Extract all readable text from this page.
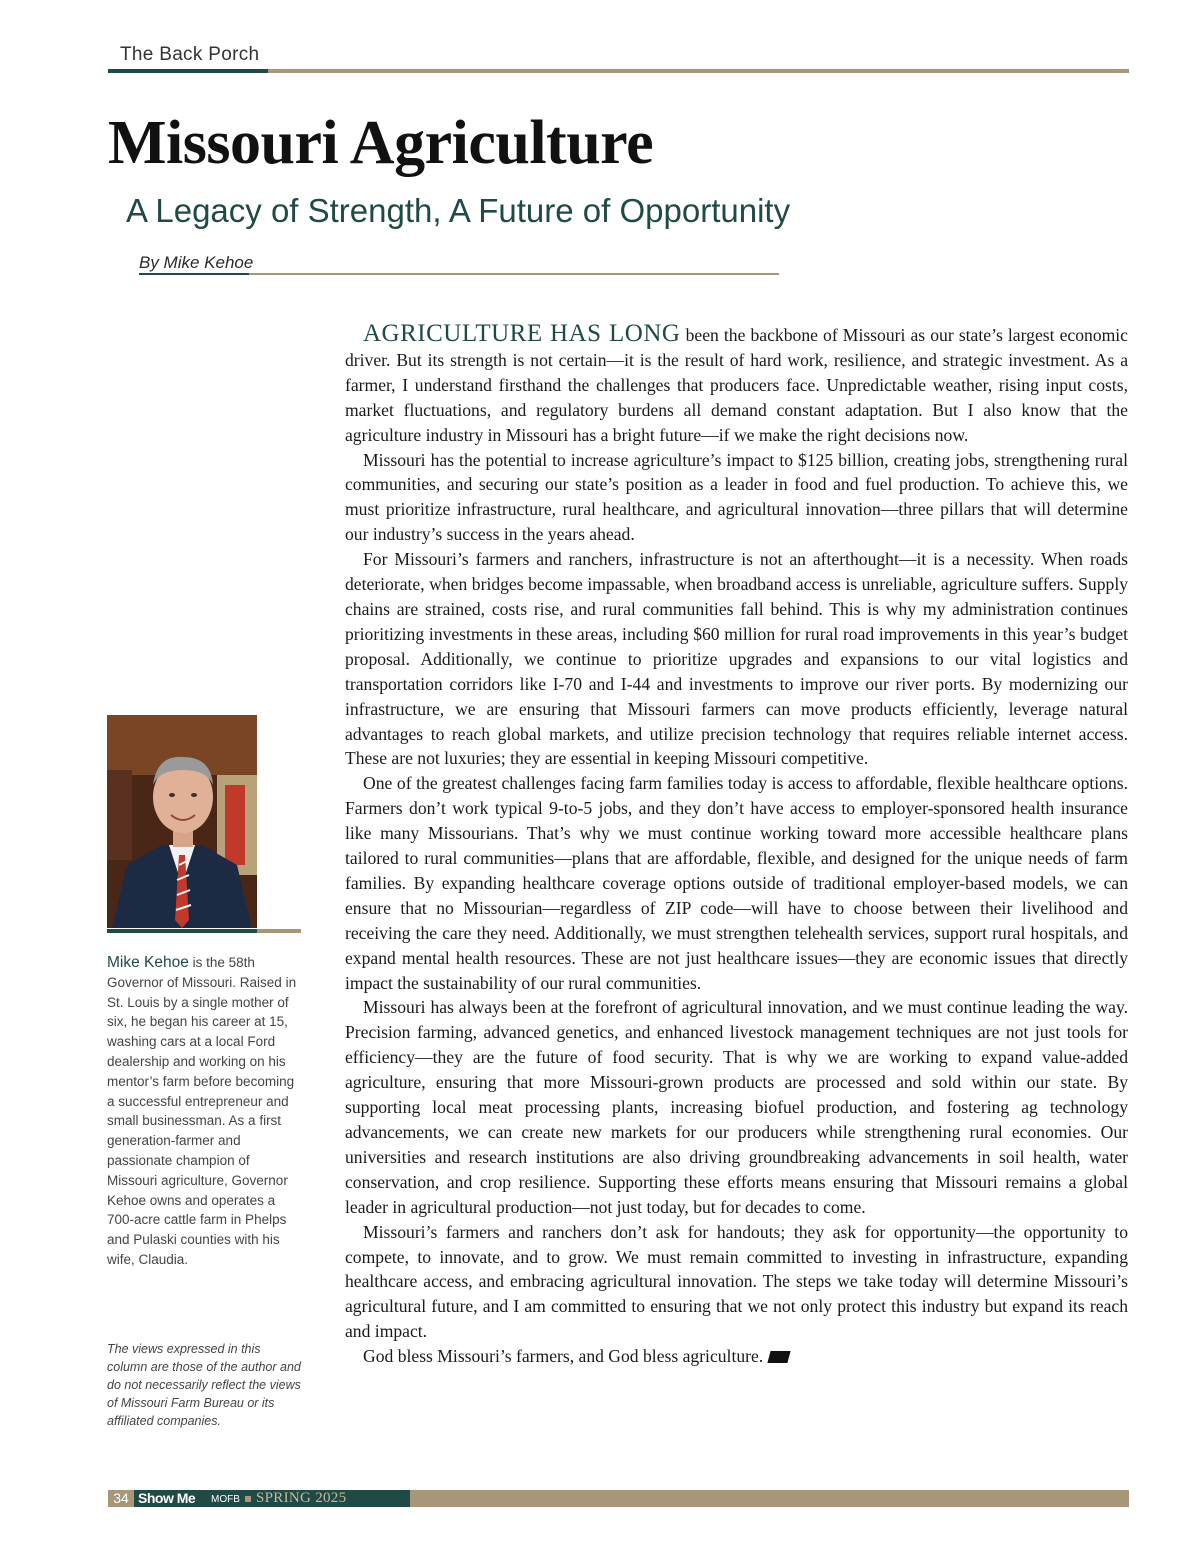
The Back Porch
Missouri Agriculture
A Legacy of Strength, A Future of Opportunity
By Mike Kehoe
Mike Kehoe is the 58th Governor of Missouri. Raised in St. Louis by a single mother of six, he began his career at 15, washing cars at a local Ford dealership and working on his mentor’s farm before becoming a successful entrepreneur and small businessman. As a first generation-farmer and passionate champion of Missouri agriculture, Governor Kehoe owns and operates a 700-acre cattle farm in Phelps and Pulaski counties with his wife, Claudia.
The views expressed in this column are those of the author and do not necessarily reflect the views of Missouri Farm Bureau or its affiliated companies.

AGRICULTURE HAS LONG been the backbone of Missouri as our state’s largest economic driver. But its strength is not certain—it is the result of hard work, resilience, and strategic investment. As a farmer, I understand firsthand the challenges that producers face. Unpredictable weather, rising input costs, market fluctuations, and regulatory burdens all demand constant adaptation. But I also know that the agriculture industry in Missouri has a bright future—if we make the right decisions now.

Missouri has the potential to increase agriculture’s impact to $125 billion, creating jobs, strengthening rural communities, and securing our state’s position as a leader in food and fuel production. To achieve this, we must prioritize infrastructure, rural healthcare, and agricultural innovation—three pillars that will determine our industry’s success in the years ahead.

For Missouri’s farmers and ranchers, infrastructure is not an afterthought—it is a necessity. When roads deteriorate, when bridges become impassable, when broadband access is unreliable, agriculture suffers. Supply chains are strained, costs rise, and rural communities fall behind. This is why my administration continues prioritizing investments in these areas, including $60 million for rural road improvements in this year’s budget proposal. Additionally, we continue to prioritize upgrades and expansions to our vital logistics and transportation corridors like I-70 and I-44 and investments to improve our river ports. By modernizing our infrastructure, we are ensuring that Missouri farmers can move products efficiently, leverage natural advantages to reach global markets, and utilize precision technology that requires reliable internet access. These are not luxuries; they are essential in keeping Missouri competitive.

One of the greatest challenges facing farm families today is access to affordable, flexible healthcare options. Farmers don’t work typical 9-to-5 jobs, and they don’t have access to employer-sponsored health insurance like many Missourians. That’s why we must continue working toward more accessible healthcare plans tailored to rural communities—plans that are affordable, flexible, and designed for the unique needs of farm families. By expanding healthcare coverage options outside of traditional employer-based models, we can ensure that no Missourian—regardless of ZIP code—will have to choose between their livelihood and receiving the care they need. Additionally, we must strengthen telehealth services, support rural hospitals, and expand mental health resources. These are not just healthcare issues—they are economic issues that directly impact the sustainability of our rural communities.

Missouri has always been at the forefront of agricultural innovation, and we must continue leading the way. Precision farming, advanced genetics, and enhanced livestock management techniques are not just tools for efficiency—they are the future of food security. That is why we are working to expand value-added agriculture, ensuring that more Missouri-grown products are processed and sold within our state. By supporting local meat processing plants, increasing biofuel production, and fostering ag technology advancements, we can create new markets for our producers while strengthening rural economies. Our universities and research institutions are also driving groundbreaking advancements in soil health, water conservation, and crop resilience. Supporting these efforts means ensuring that Missouri remains a global leader in agricultural production—not just today, but for decades to come.

Missouri’s farmers and ranchers don’t ask for handouts; they ask for opportunity—the opportunity to compete, to innovate, and to grow. We must remain committed to investing in infrastructure, expanding healthcare access, and embracing agricultural innovation. The steps we take today will determine Missouri’s agricultural future, and I am committed to ensuring that we not only protect this industry but expand its reach and impact.

God bless Missouri’s farmers, and God bless agriculture.

34 Show Me MOFB SPRING 2025
